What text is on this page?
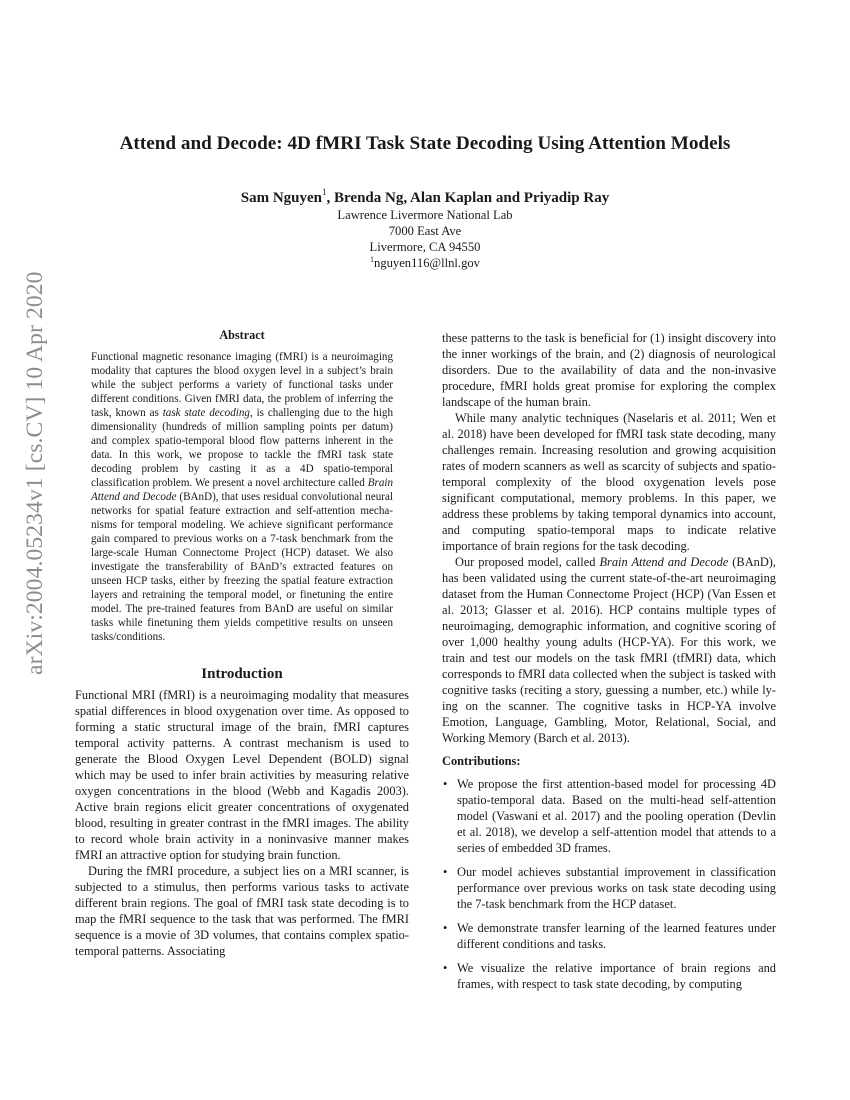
arXiv:2004.05234v1 [cs.CV] 10 Apr 2020
Attend and Decode: 4D fMRI Task State Decoding Using Attention Models
Sam Nguyen$^1$, Brenda Ng, Alan Kaplan and Priyadip Ray
Lawrence Livermore National Lab
7000 East Ave
Livermore, CA 94550
$^1$nguyen116@llnl.gov
Abstract

Functional magnetic resonance imaging (fMRI) is a neuroimaging modality that captures the blood oxygen level in a subject’s brain while the subject performs a variety of functional tasks under different conditions. Given fMRI data, the problem of inferring the task, known as task state decoding, is challenging due to the high dimensionality (hundreds of million sampling points per datum) and complex spatio-temporal blood flow patterns inherent in the data. In this work, we propose to tackle the fMRI task state decoding problem by casting it as a 4D spatio-temporal classification problem. We present a novel architecture called Brain Attend and Decode (BAnD), that uses residual convolutional neural networks for spatial feature extraction and self-attention mechanisms for temporal modeling. We achieve significant performance gain compared to previous works on a 7-task benchmark from the large-scale Human Connectome Project (HCP) dataset. We also investigate the transferability of BAnD’s extracted features on unseen HCP tasks, either by freezing the spatial feature extraction layers and retraining the temporal model, or finetuning the entire model. The pre-trained features from BAnD are useful on similar tasks while finetuning them yields competitive results on unseen tasks/conditions.

Introduction

Functional MRI (fMRI) is a neuroimaging modality that measures spatial differences in blood oxygenation over time. As opposed to forming a static structural image of the brain, fMRI captures temporal activity patterns. A contrast mechanism is used to generate the Blood Oxygen Level Dependent (BOLD) signal which may be used to infer brain activities by measuring relative oxygen concentrations in the blood (Webb and Kagadis 2003). Active brain regions elicit greater concentrations of oxygenated blood, resulting in greater contrast in the fMRI images. The ability to record whole brain activity in a noninvasive manner makes fMRI an attractive option for studying brain function.

During the fMRI procedure, a subject lies on a MRI scanner, is subjected to a stimulus, then performs various tasks to activate different brain regions. The goal of fMRI task state decoding is to map the fMRI sequence to the task that was performed. The fMRI sequence is a movie of 3D volumes, that contains complex spatio-temporal patterns. Associating

these patterns to the task is beneficial for (1) insight discovery into the inner workings of the brain, and (2) diagnosis of neurological disorders. Due to the availability of data and the non-invasive procedure, fMRI holds great promise for exploring the complex landscape of the human brain.

While many analytic techniques (Naselaris et al. 2011; Wen et al. 2018) have been developed for fMRI task state decoding, many challenges remain. Increasing resolution and growing acquisition rates of modern scanners as well as scarcity of subjects and spatio-temporal complexity of the blood oxygenation levels pose significant computational, memory problems. In this paper, we address these problems by taking temporal dynamics into account, and computing spatio-temporal maps to indicate relative importance of brain regions for the task decoding.

Our proposed model, called Brain Attend and Decode (BAnD), has been validated using the current state-of-the-art neuroimaging dataset from the Human Connectome Project (HCP) (Van Essen et al. 2013; Glasser et al. 2016). HCP contains multiple types of neuroimaging, demographic information, and cognitive scoring of over 1,000 healthy young adults (HCP-YA). For this work, we train and test our models on the task fMRI (tfMRI) data, which corresponds to fMRI data collected when the subject is tasked with cognitive tasks (reciting a story, guessing a number, etc.) while lying on the scanner. The cognitive tasks in HCP-YA involve Emotion, Language, Gambling, Motor, Relational, Social, and Working Memory (Barch et al. 2013).

Contributions:
• We propose the first attention-based model for processing 4D spatio-temporal data. Based on the multi-head self-attention model (Vaswani et al. 2017) and the pooling operation (Devlin et al. 2018), we develop a self-attention model that attends to a series of embedded 3D frames.
• Our model achieves substantial improvement in classification performance over previous works on task state decoding using the 7-task benchmark from the HCP dataset.
• We demonstrate transfer learning of the learned features under different conditions and tasks.
• We visualize the relative importance of brain regions and frames, with respect to task state decoding, by computing
